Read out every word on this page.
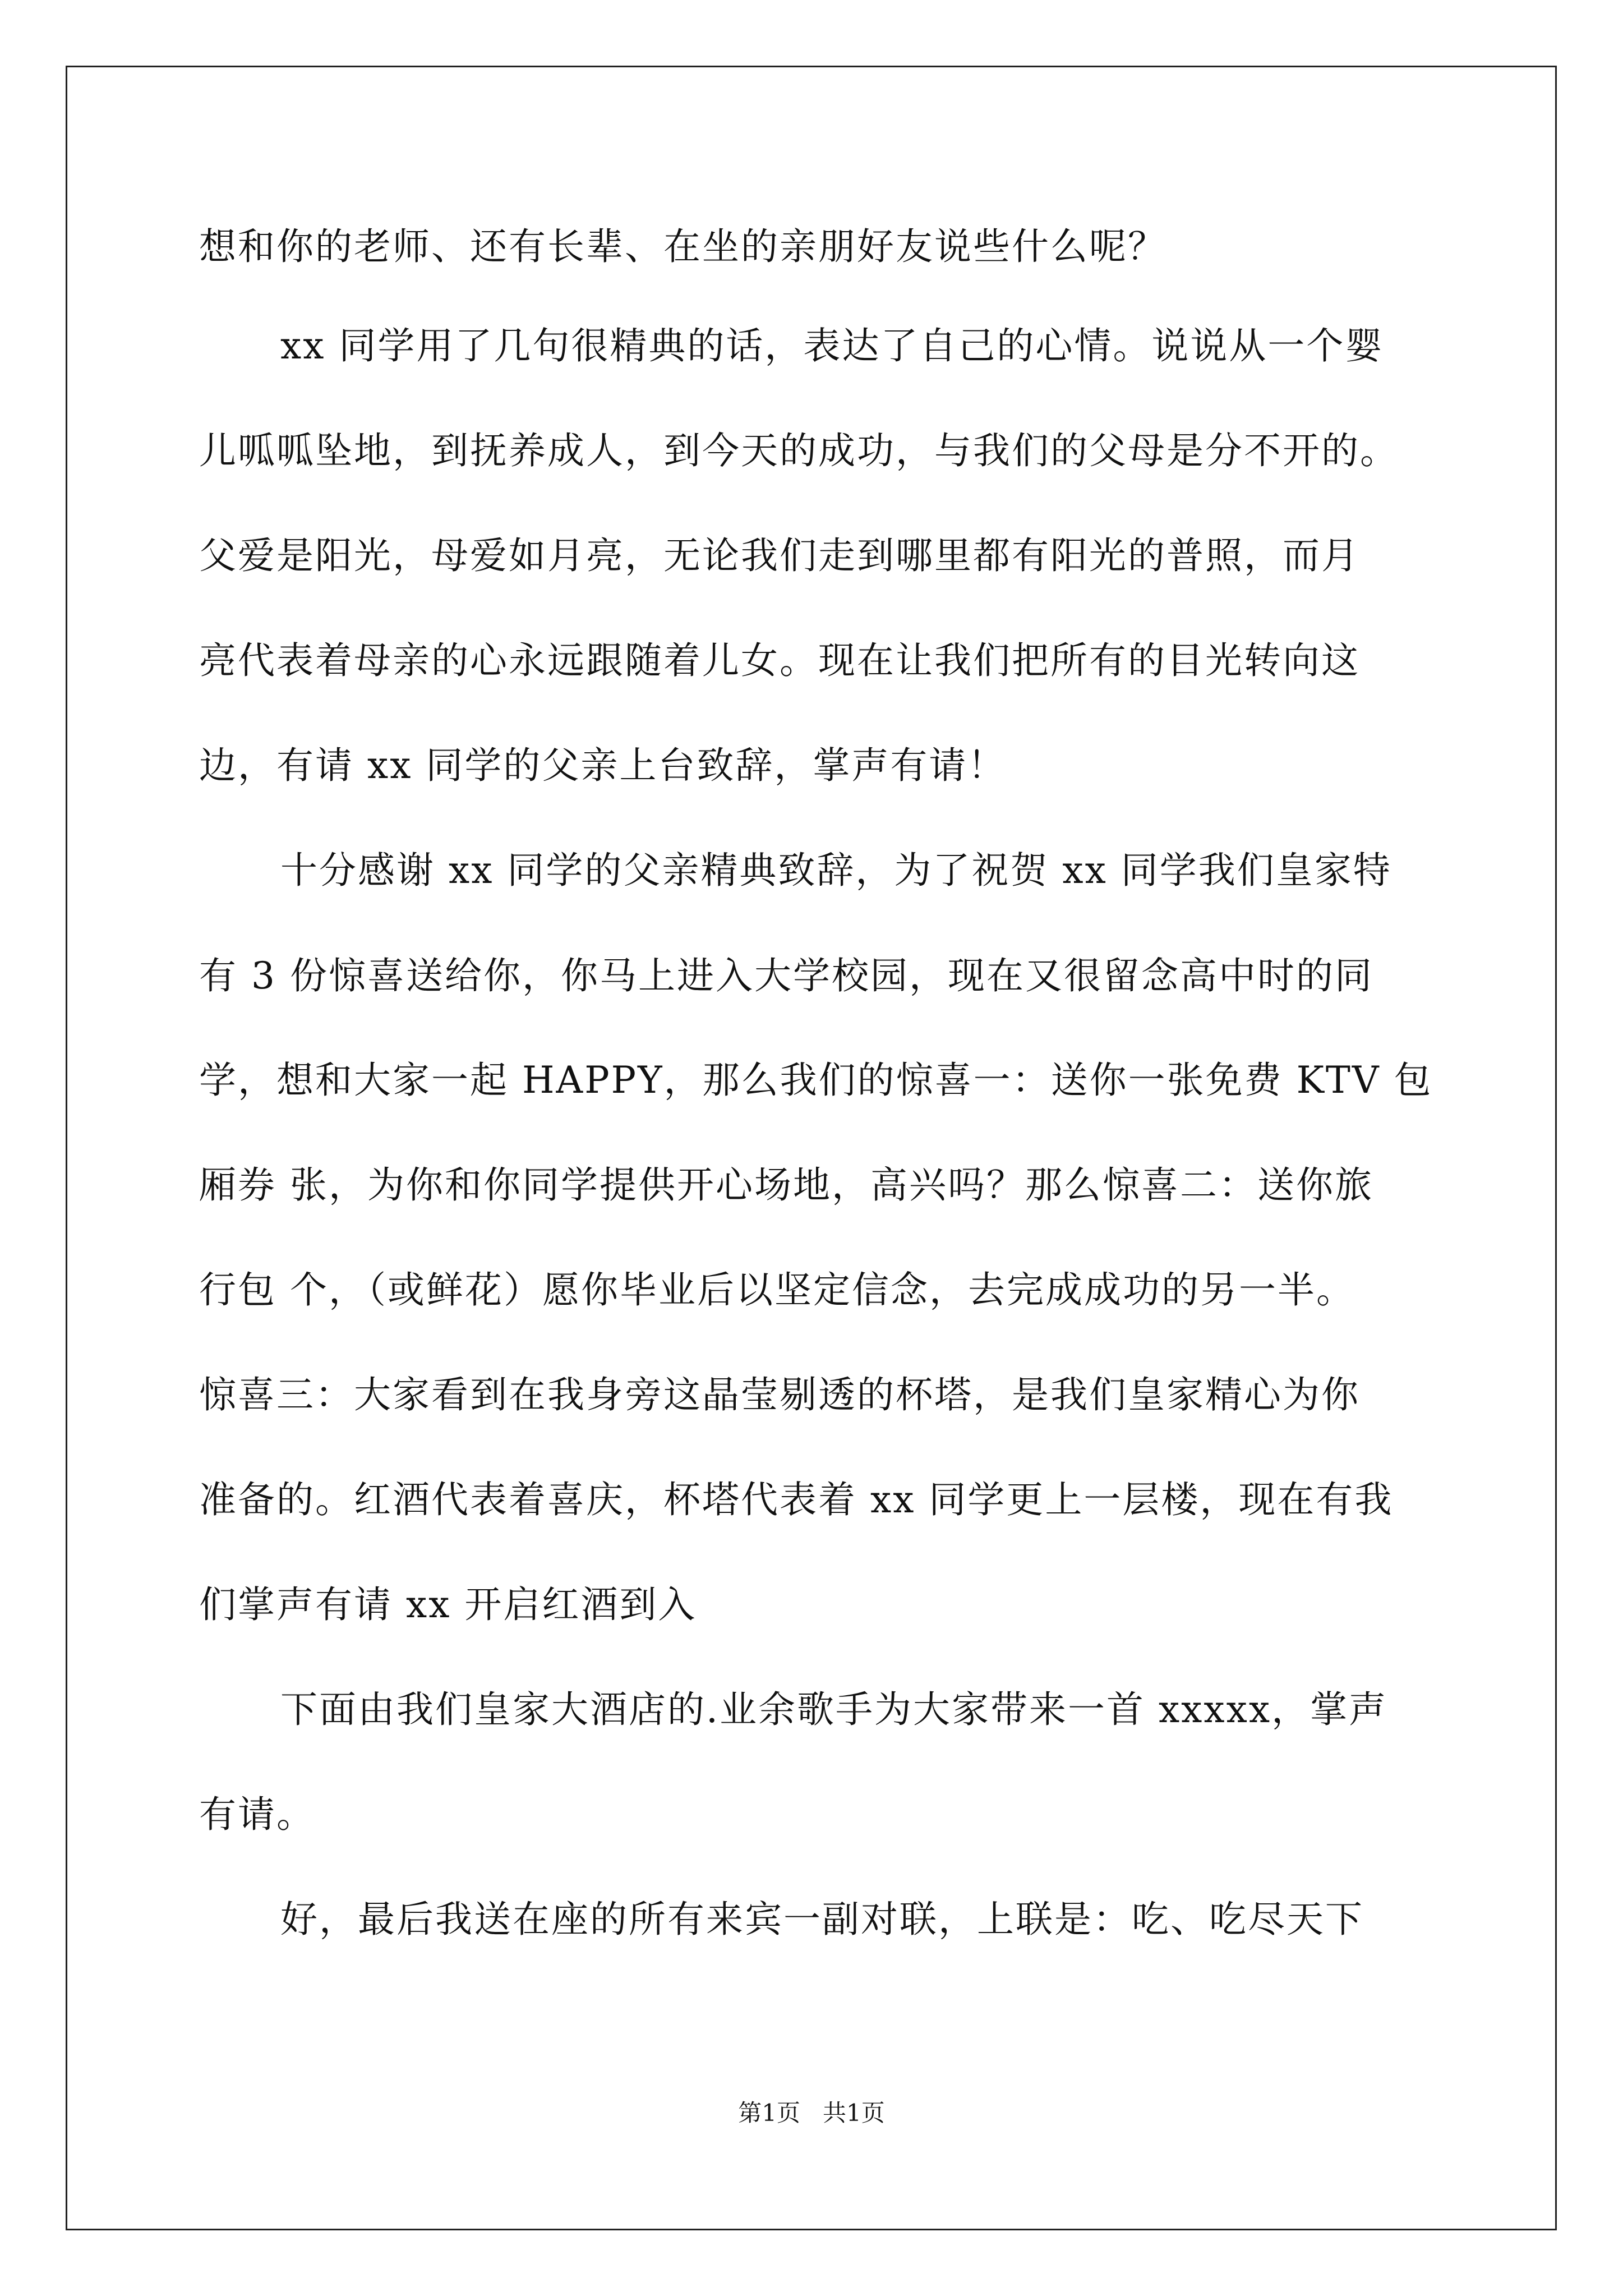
想和你的老师、还有长辈、在坐的亲朋好友说些什么呢？
xx 同学用了几句很精典的话，表达了自己的心情。说说从一个婴
儿呱呱坠地，到抚养成人，到今天的成功，与我们的父母是分不开的。
父爱是阳光，母爱如月亮，无论我们走到哪里都有阳光的普照，而月
亮代表着母亲的心永远跟随着儿女。现在让我们把所有的目光转向这
边，有请 xx 同学的父亲上台致辞，掌声有请！
十分感谢 xx 同学的父亲精典致辞，为了祝贺 xx 同学我们皇家特
有 3 份惊喜送给你，你马上进入大学校园，现在又很留念高中时的同
学，想和大家一起 HAPPY，那么我们的惊喜一：送你一张免费 KTV 包
厢券 张，为你和你同学提供开心场地，高兴吗？那么惊喜二：送你旅
行包 个，（或鲜花）愿你毕业后以坚定信念，去完成成功的另一半。
惊喜三：大家看到在我身旁这晶莹剔透的杯塔，是我们皇家精心为你
准备的。红酒代表着喜庆，杯塔代表着 xx 同学更上一层楼，现在有我
们掌声有请 xx 开启红酒到入
下面由我们皇家大酒店的.业余歌手为大家带来一首 xxxxx，掌声
有请。
好，最后我送在座的所有来宾一副对联，上联是：吃、吃尽天下
第1页   共1页
